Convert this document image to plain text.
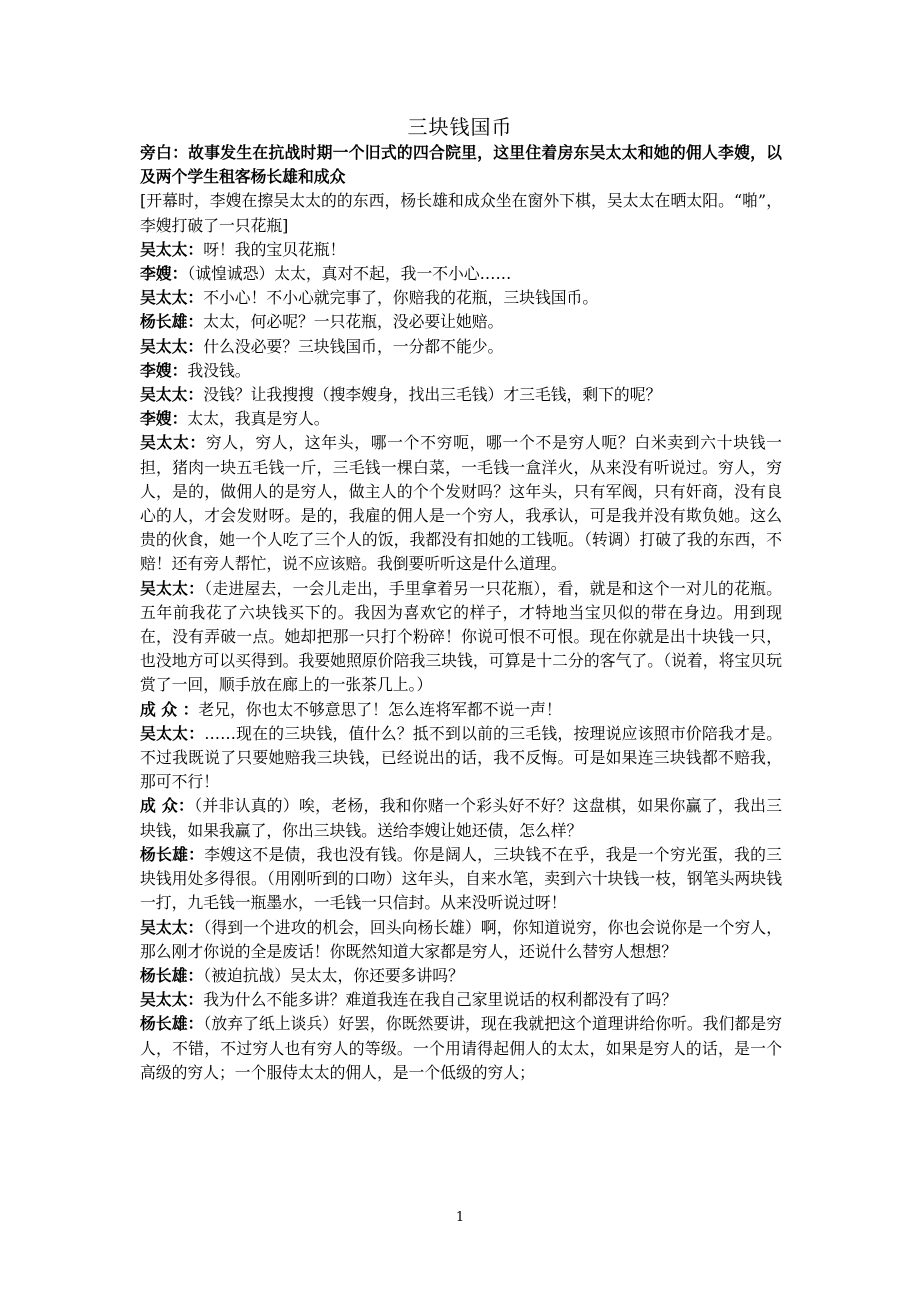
三块钱国币

旁白：故事发生在抗战时期一个旧式的四合院里，这里住着房东吴太太和她的佣人李嫂，以及两个学生租客杨长雄和成众

[开幕时，李嫂在擦吴太太的的东西，杨长雄和成众坐在窗外下棋，吴太太在晒太阳。“啪”，李嫂打破了一只花瓶]

吴太太：呀！我的宝贝花瓶！

李嫂：（诚惶诚恐）太太，真对不起，我一不小心……

吴太太：不小心！不小心就完事了，你赔我的花瓶，三块钱国币。

杨长雄：太太，何必呢？一只花瓶，没必要让她赔。

吴太太：什么没必要？三块钱国币，一分都不能少。

李嫂：我没钱。

吴太太：没钱？让我搜搜（搜李嫂身，找出三毛钱）才三毛钱，剩下的呢？

李嫂：太太，我真是穷人。

吴太太：穷人，穷人，这年头，哪一个不穷呃，哪一个不是穷人呃？白米卖到六十块钱一担，猪肉一块五毛钱一斤，三毛钱一棵白菜，一毛钱一盒洋火，从来没有听说过。穷人，穷人，是的，做佣人的是穷人，做主人的个个发财吗？这年头，只有军阀，只有奸商，没有良心的人，才会发财呀。是的，我雇的佣人是一个穷人，我承认，可是我并没有欺负她。这么贵的伙食，她一个人吃了三个人的饭，我都没有扣她的工钱呃。（转调）打破了我的东西，不赔！还有旁人帮忙，说不应该赔。我倒要听听这是什么道理。

吴太太：（走进屋去，一会儿走出，手里拿着另一只花瓶），看，就是和这个一对儿的花瓶。五年前我花了六块钱买下的。我因为喜欢它的样子，才特地当宝贝似的带在身边。用到现在，没有弄破一点。她却把那一只打个粉碎！你说可恨不可恨。现在你就是出十块钱一只，也没地方可以买得到。我要她照原价陪我三块钱，可算是十二分的客气了。（说着，将宝贝玩赏了一回，顺手放在廊上的一张茶几上。）

成 众 ：老兄，你也太不够意思了！怎么连将军都不说一声！

吴太太：……现在的三块钱，值什么？抵不到以前的三毛钱，按理说应该照市价陪我才是。不过我既说了只要她赔我三块钱，已经说出的话，我不反悔。可是如果连三块钱都不赔我，那可不行！

成 众：（并非认真的）唉，老杨，我和你赌一个彩头好不好？这盘棋，如果你赢了，我出三块钱，如果我赢了，你出三块钱。送给李嫂让她还债，怎么样？

杨长雄：李嫂这不是债，我也没有钱。你是阔人，三块钱不在乎，我是一个穷光蛋，我的三块钱用处多得很。（用刚听到的口吻）这年头，自来水笔，卖到六十块钱一枝，钢笔头两块钱一打，九毛钱一瓶墨水，一毛钱一只信封。从来没听说过呀！

吴太太：（得到一个进攻的机会，回头向杨长雄）啊，你知道说穷，你也会说你是一个穷人，那么刚才你说的全是废话！你既然知道大家都是穷人，还说什么替穷人想想？

杨长雄：（被迫抗战）吴太太，你还要多讲吗？

吴太太：我为什么不能多讲？难道我连在我自己家里说话的权利都没有了吗？

杨长雄：（放弃了纸上谈兵）好罢，你既然要讲，现在我就把这个道理讲给你听。我们都是穷人，不错，不过穷人也有穷人的等级。一个用请得起佣人的太太，如果是穷人的话，是一个高级的穷人；一个服侍太太的佣人，是一个低级的穷人；

1
